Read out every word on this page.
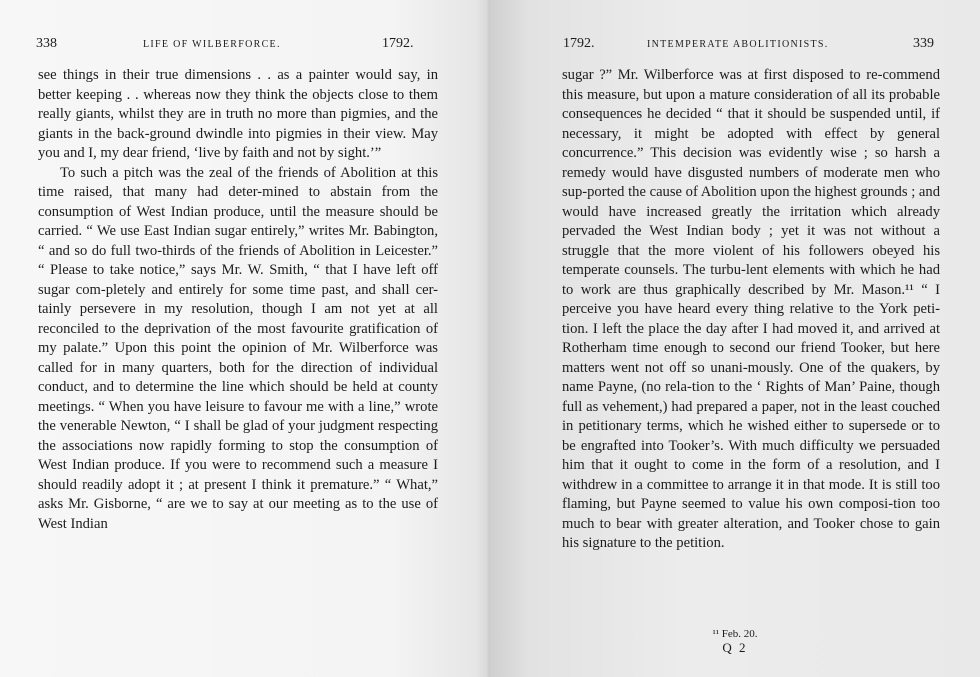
338	LIFE OF WILBERFORCE.	1792.

see things in their true dimensions . . as a painter would say, in better keeping . . whereas now they think the objects close to them really giants, whilst they are in truth no more than pigmies, and the giants in the back-ground dwindle into pigmies in their view. May you and I, my dear friend, ‘live by faith and not by sight.’”

To such a pitch was the zeal of the friends of Abolition at this time raised, that many had deter-mined to abstain from the consumption of West Indian produce, until the measure should be carried. “ We use East Indian sugar entirely,” writes Mr. Babington, “ and so do full two-thirds of the friends of Abolition in Leicester.” “ Please to take notice,” says Mr. W. Smith, “ that I have left off sugar com-pletely and entirely for some time past, and shall cer-tainly persevere in my resolution, though I am not yet at all reconciled to the deprivation of the most favourite gratification of my palate.” Upon this point the opinion of Mr. Wilberforce was called for in many quarters, both for the direction of individual conduct, and to determine the line which should be held at county meetings. “ When you have leisure to favour me with a line,” wrote the venerable Newton, “ I shall be glad of your judgment respecting the associations now rapidly forming to stop the consumption of West Indian produce. If you were to recommend such a measure I should readily adopt it ; at present I think it premature.” “ What,” asks Mr. Gisborne, “ are we to say at our meeting as to the use of West Indian

1792.	INTEMPERATE ABOLITIONISTS.	339

sugar ?” Mr. Wilberforce was at first disposed to re-commend this measure, but upon a mature consideration of all its probable consequences he decided “ that it should be suspended until, if necessary, it might be adopted with effect by general concurrence.” This decision was evidently wise ; so harsh a remedy would have disgusted numbers of moderate men who sup-ported the cause of Abolition upon the highest grounds ; and would have increased greatly the irritation which already pervaded the West Indian body ; yet it was not without a struggle that the more violent of his followers obeyed his temperate counsels. The turbu-lent elements with which he had to work are thus graphically described by Mr. Mason.¹¹ “ I perceive you have heard every thing relative to the York peti-tion. I left the place the day after I had moved it, and arrived at Rotherham time enough to second our friend Tooker, but here matters went not off so unani-mously. One of the quakers, by name Payne, (no rela-tion to the ‘ Rights of Man’ Paine, though full as vehement,) had prepared a paper, not in the least couched in petitionary terms, which he wished either to supersede or to be engrafted into Tooker’s. With much difficulty we persuaded him that it ought to come in the form of a resolution, and I withdrew in a committee to arrange it in that mode. It is still too flaming, but Payne seemed to value his own composi-tion too much to bear with greater alteration, and Tooker chose to gain his signature to the petition.

¹¹ Feb. 20.
Q 2
